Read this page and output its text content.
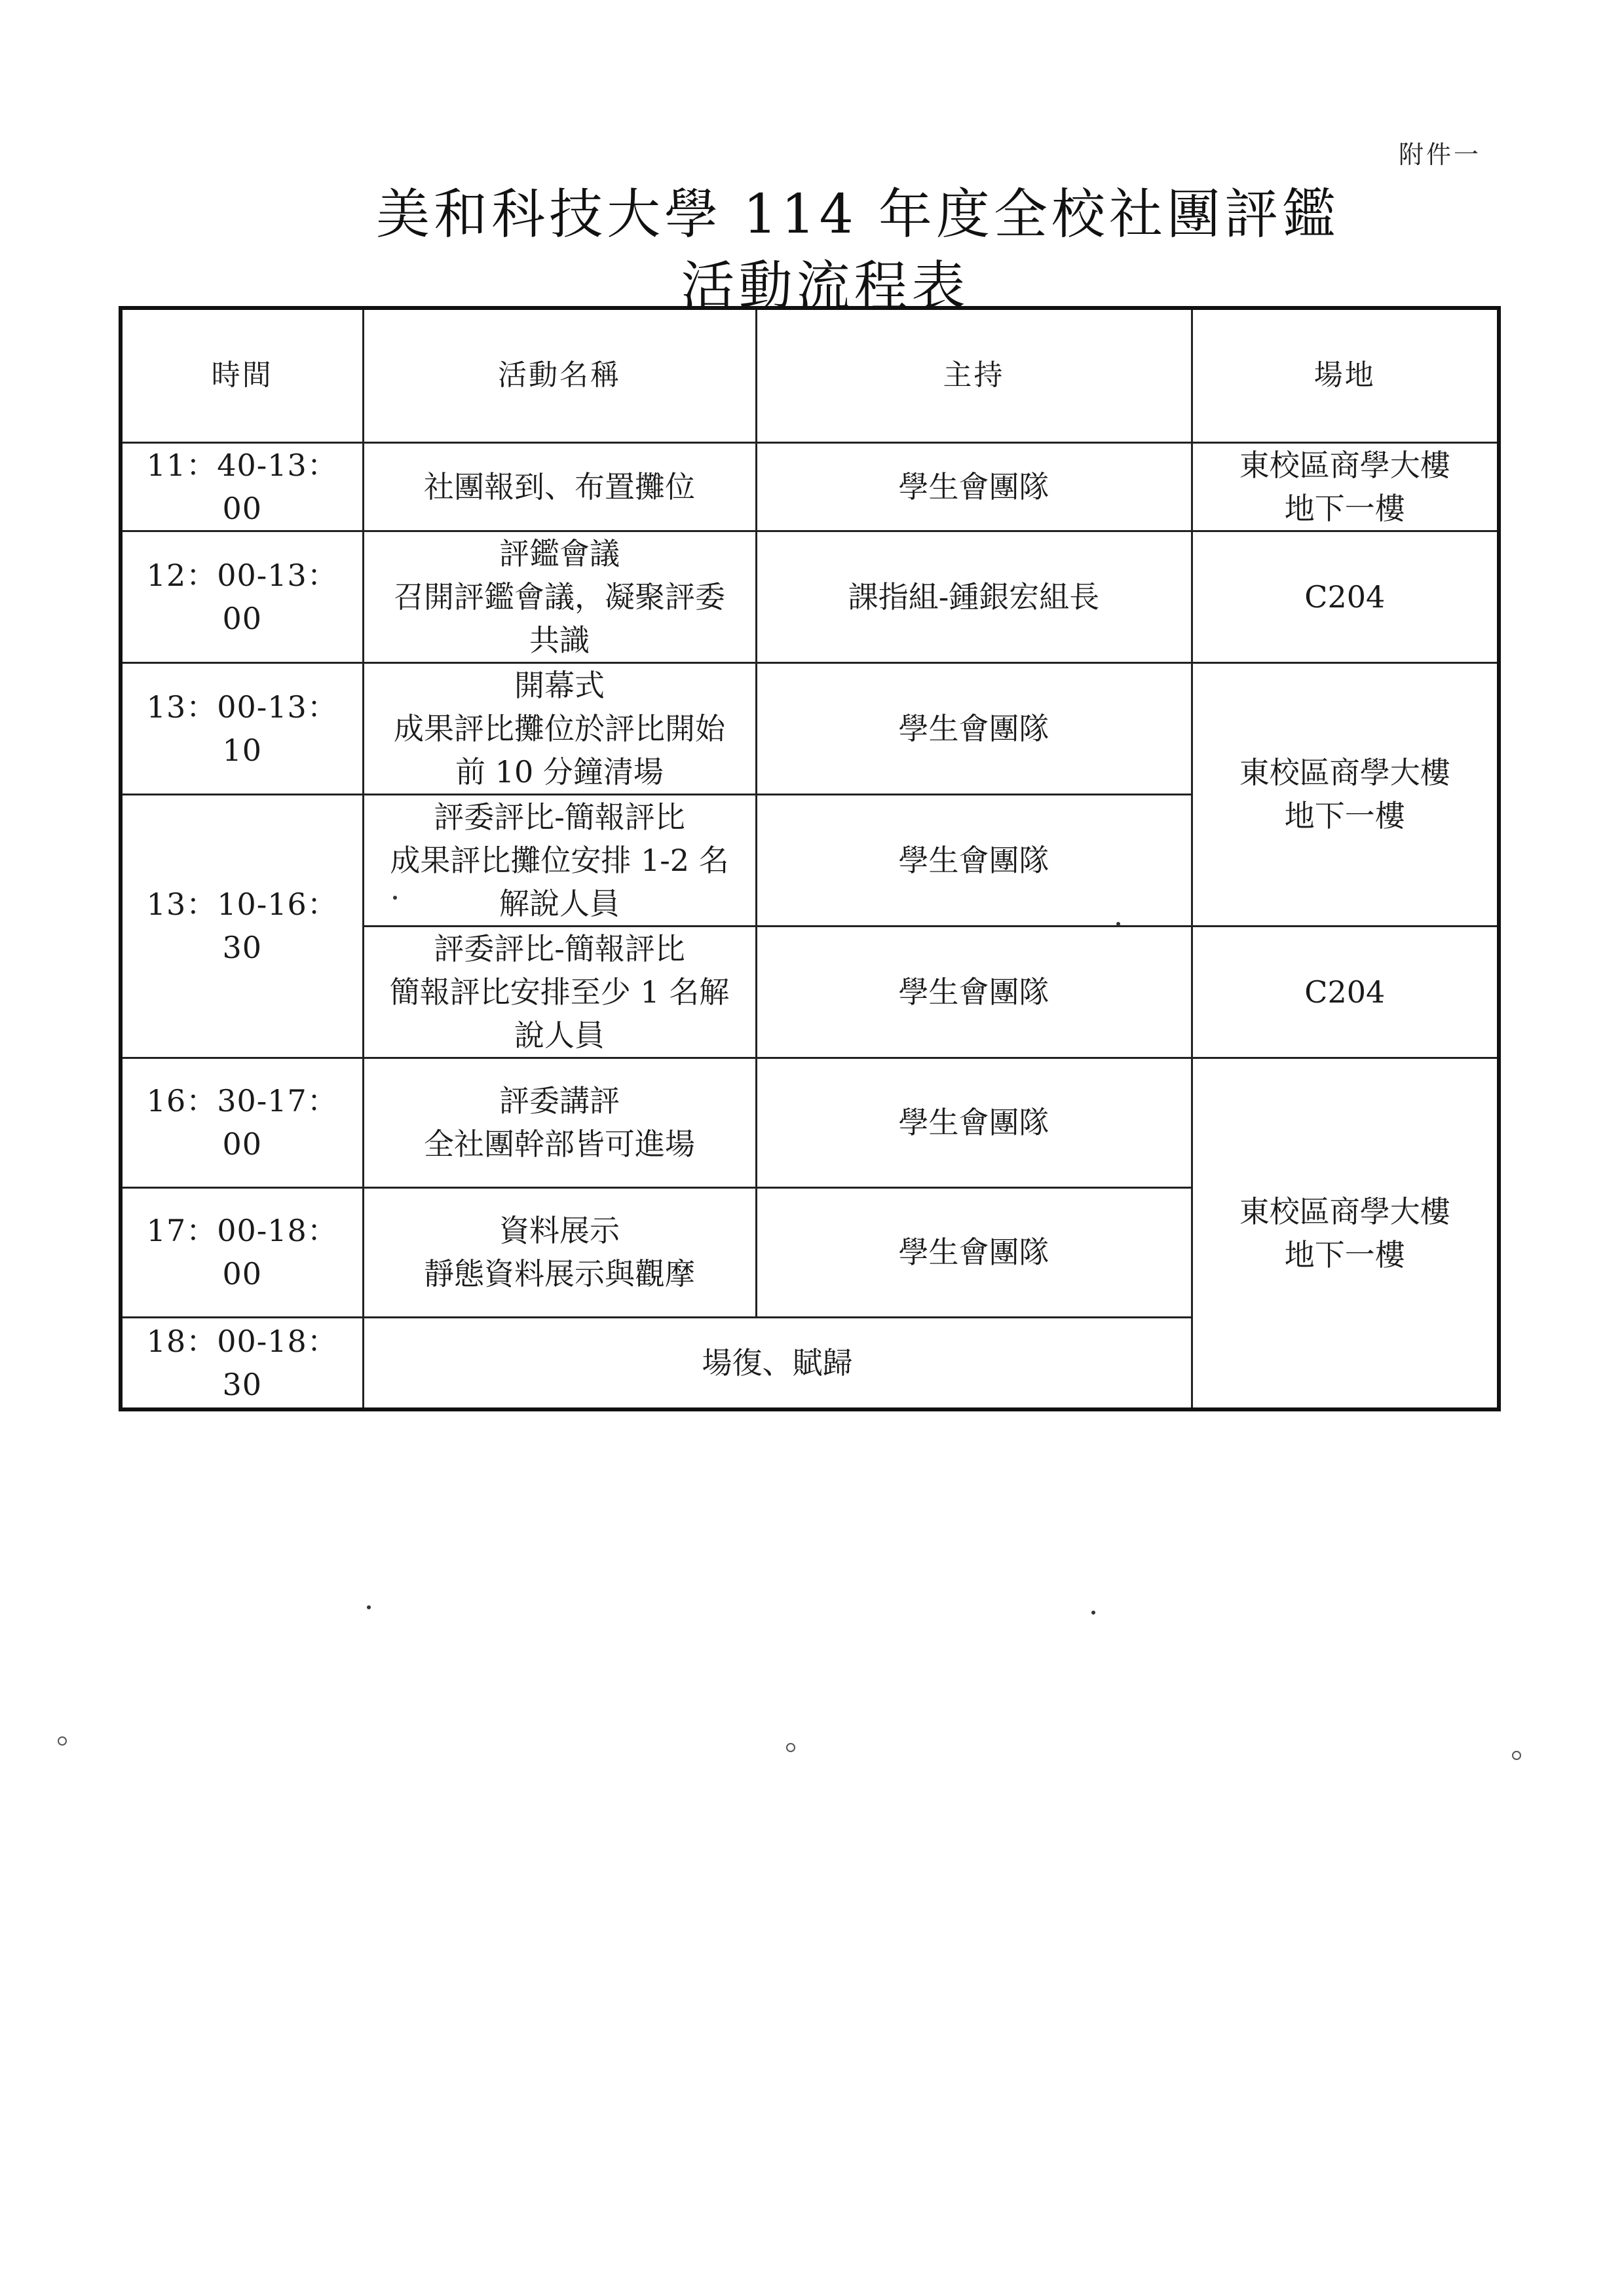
附件一
美和科技大學 114 年度全校社團評鑑
活動流程表
時間	活動名稱	主持	場地
11：40-13：00	社團報到、布置攤位	學生會團隊	東校區商學大樓
地下一樓

12：00-13：00	評鑑會議
召開評鑑會議，凝聚評委
共識	課指組-鍾銀宏組長	C204

13：00-13：10	開幕式
成果評比攤位於評比開始
前 10 分鐘清場	學生會團隊	東校區商學大樓
地下一樓

13：10-16：30	評委評比-簡報評比
成果評比攤位安排 1-2 名
解說人員	學生會團隊	

	評委評比-簡報評比
簡報評比安排至少 1 名解
說人員	學生會團隊	C204

16：30-17：00	評委講評
全社團幹部皆可進場	學生會團隊	東校區商學大樓
地下一樓

17：00-18：00	資料展示
靜態資料展示與觀摩	學生會團隊	
18：00-18：30	場復、賦歸		
